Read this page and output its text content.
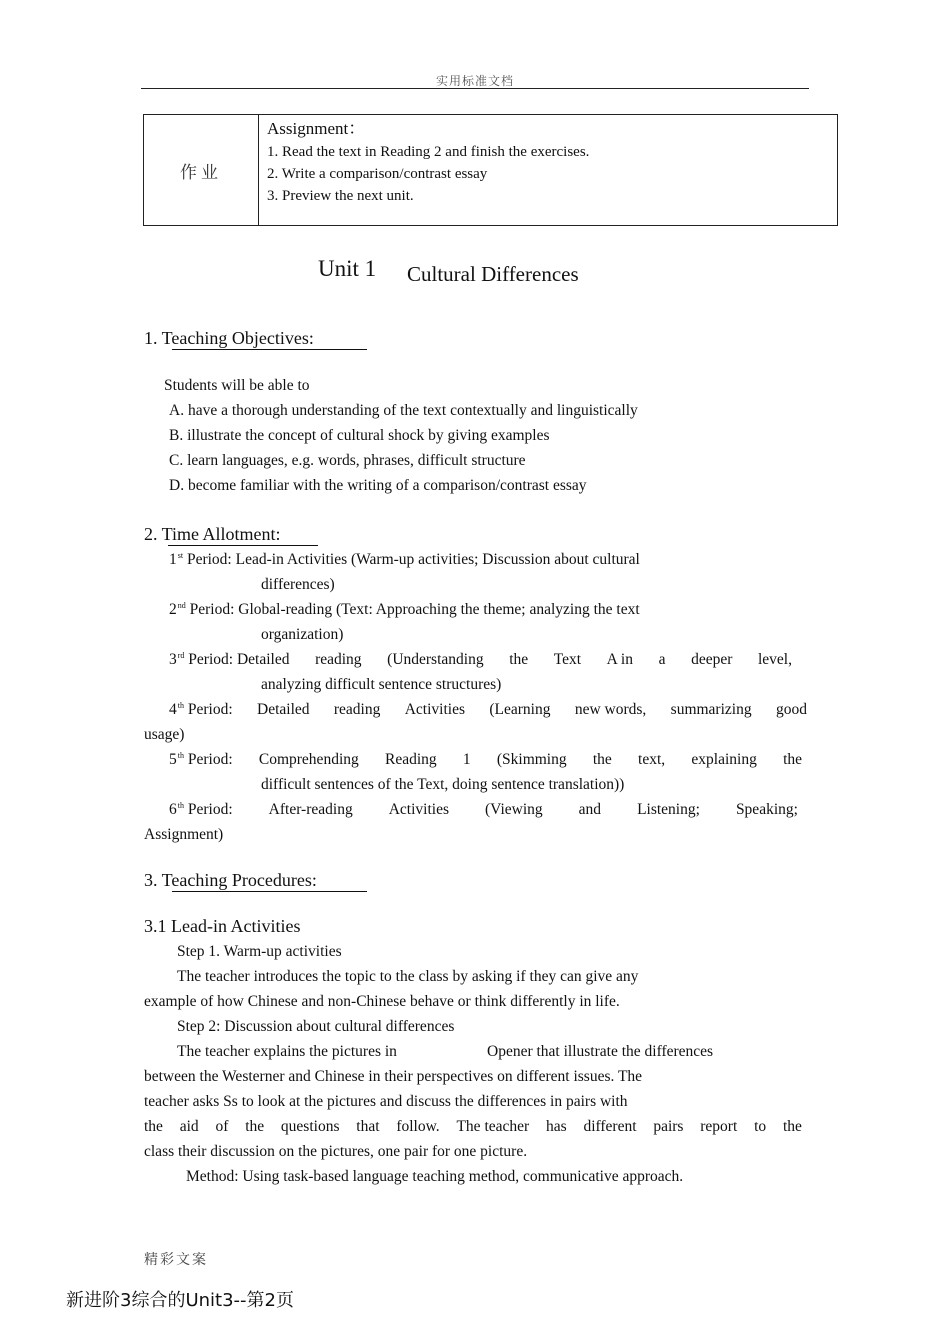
实用标准文档
作业
Assignment：
1. Read the text in Reading 2 and finish the exercises.
2. Write a comparison/contrast essay
3. Preview the next unit.
Unit 1 Cultural Differences
1. Teaching Objectives:
Students will be able to
A. have a thorough understanding of the text contextually and linguistically
B. illustrate the concept of cultural shock by giving examples
C. learn languages, e.g. words, phrases, difficult structure
D. become familiar with the writing of a comparison/contrast essay
2. Time Allotment:
1st Period: Lead-in Activities (Warm-up activities; Discussion about cultural
differences)
2nd Period: Global-reading (Text: Approaching the theme; analyzing the text
organization)
3rd Period: Detailed reading (Understanding the Text A in a deeper level,
analyzing difficult sentence structures)
4th Period: Detailed reading Activities (Learning new words, summarizing good
usage)
5th Period: Comprehending Reading 1 (Skimming the text, explaining the
difficult sentences of the Text, doing sentence translation))
6th Period: After-reading Activities (Viewing and Listening; Speaking;
Assignment)
3. Teaching Procedures:
3.1 Lead-in Activities
Step 1. Warm-up activities
The teacher introduces the topic to the class by asking if they can give any
example of how Chinese and non-Chinese behave or think differently in life.
Step 2: Discussion about cultural differences
The teacher explains the pictures in	Opener that illustrate the differences
between the Westerner and Chinese in their perspectives on different issues. The
teacher asks Ss to look at the pictures and discuss the differences in pairs with
the aid of the questions that follow. The teacher has different pairs report to the
class their discussion on the pictures, one pair for one picture.
Method: Using task-based language teaching method, communicative approach.
精彩文案
新进阶3综合的Unit3--第2页
